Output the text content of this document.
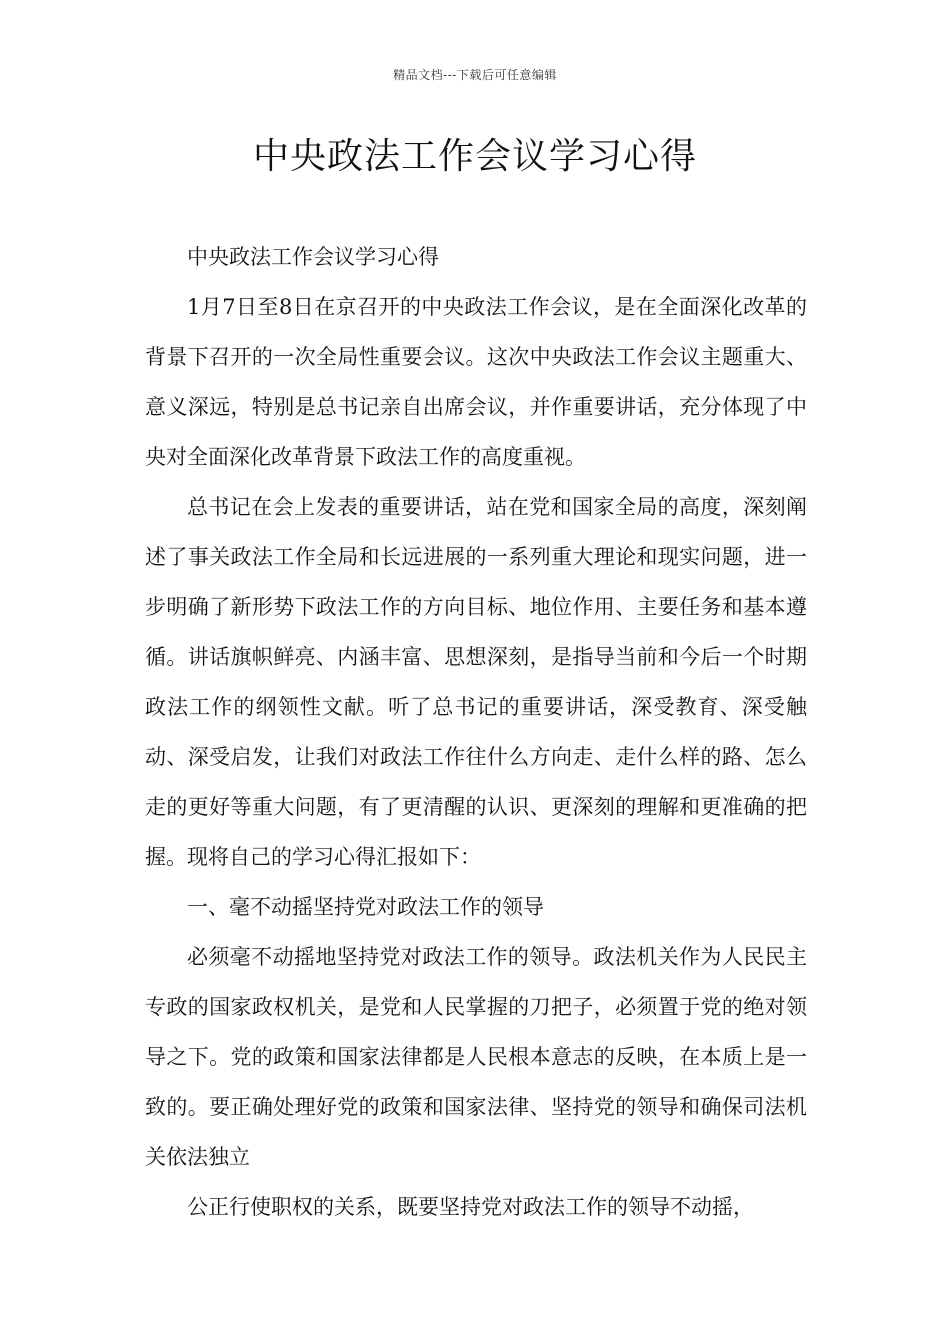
精品文档---下载后可任意编辑
中央政法工作会议学习心得

中央政法工作会议学习心得

1月7日至8日在京召开的中央政法工作会议，是在全面深化改革的背景下召开的一次全局性重要会议。这次中央政法工作会议主题重大、意义深远，特别是总书记亲自出席会议，并作重要讲话，充分体现了中央对全面深化改革背景下政法工作的高度重视。

总书记在会上发表的重要讲话，站在党和国家全局的高度，深刻阐述了事关政法工作全局和长远进展的一系列重大理论和现实问题，进一步明确了新形势下政法工作的方向目标、地位作用、主要任务和基本遵循。讲话旗帜鲜亮、内涵丰富、思想深刻，是指导当前和今后一个时期政法工作的纲领性文献。听了总书记的重要讲话，深受教育、深受触动、深受启发，让我们对政法工作往什么方向走、走什么样的路、怎么走的更好等重大问题，有了更清醒的认识、更深刻的理解和更准确的把握。现将自己的学习心得汇报如下：

一、毫不动摇坚持党对政法工作的领导

必须毫不动摇地坚持党对政法工作的领导。政法机关作为人民民主专政的国家政权机关，是党和人民掌握的刀把子，必须置于党的绝对领导之下。党的政策和国家法律都是人民根本意志的反映，在本质上是一致的。要正确处理好党的政策和国家法律、坚持党的领导和确保司法机关依法独立

公正行使职权的关系，既要坚持党对政法工作的领导不动摇，
